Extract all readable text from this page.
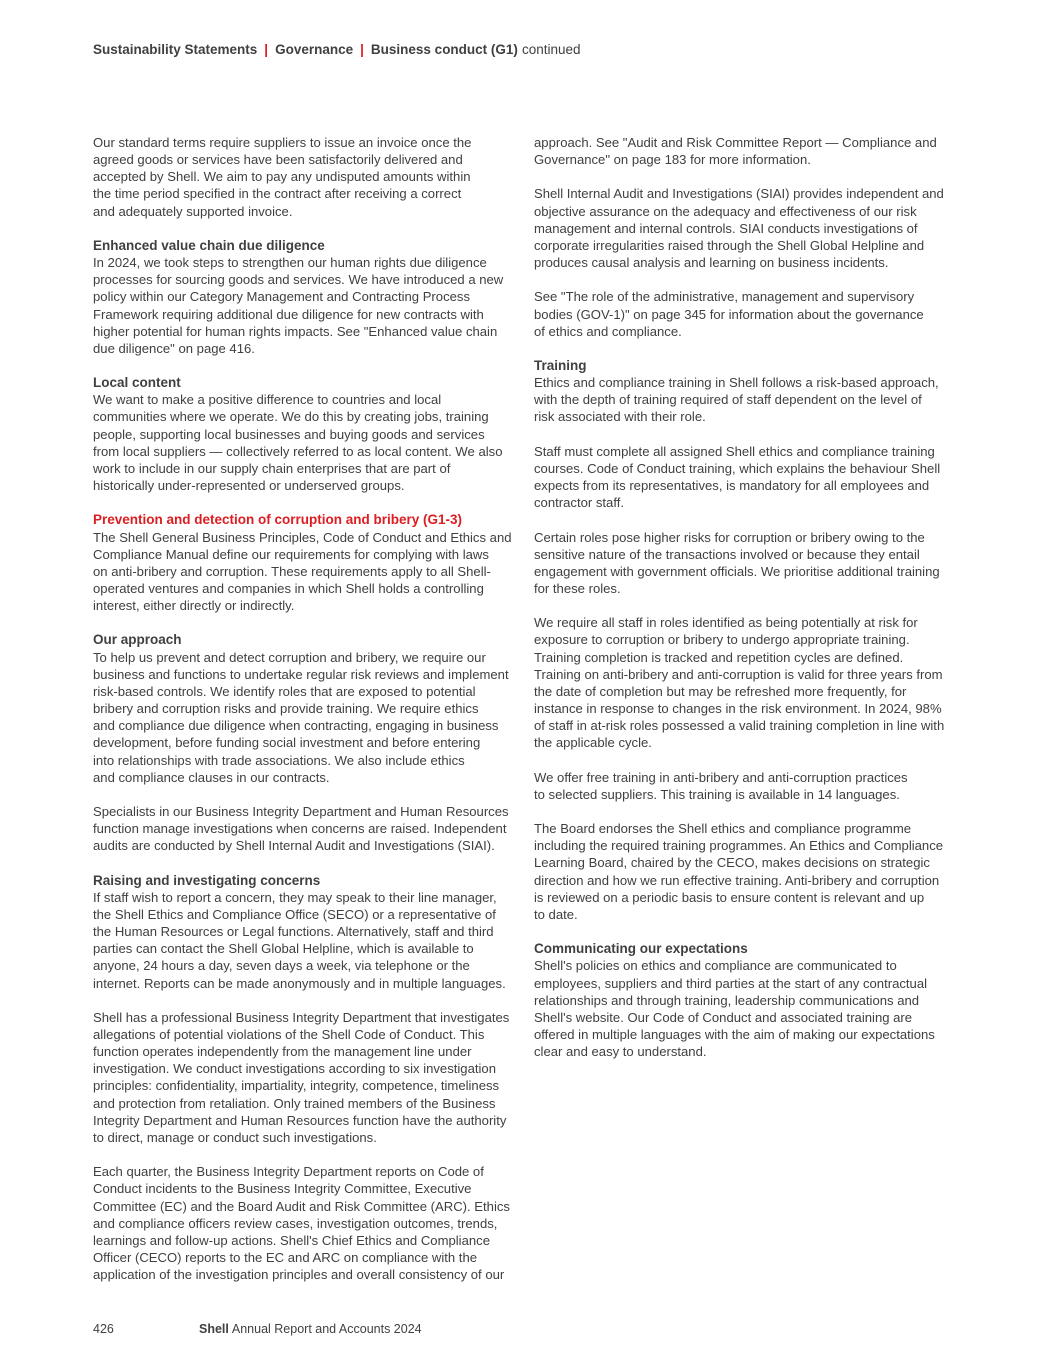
Sustainability Statements | Governance | Business conduct (G1) continued

Our standard terms require suppliers to issue an invoice once the
agreed goods or services have been satisfactorily delivered and
accepted by Shell. We aim to pay any undisputed amounts within
the time period specified in the contract after receiving a correct
and adequately supported invoice.

Enhanced value chain due diligence

In 2024, we took steps to strengthen our human rights due diligence
processes for sourcing goods and services. We have introduced a new
policy within our Category Management and Contracting Process
Framework requiring additional due diligence for new contracts with
higher potential for human rights impacts. See "Enhanced value chain
due diligence" on page 416.

Local content

We want to make a positive difference to countries and local
communities where we operate. We do this by creating jobs, training
people, supporting local businesses and buying goods and services
from local suppliers — collectively referred to as local content. We also
work to include in our supply chain enterprises that are part of
historically under-represented or underserved groups.

Prevention and detection of corruption and bribery (G1-3)

The Shell General Business Principles, Code of Conduct and Ethics and
Compliance Manual define our requirements for complying with laws
on anti-bribery and corruption. These requirements apply to all Shell-
operated ventures and companies in which Shell holds a controlling
interest, either directly or indirectly.

Our approach

To help us prevent and detect corruption and bribery, we require our
business and functions to undertake regular risk reviews and implement
risk-based controls. We identify roles that are exposed to potential
bribery and corruption risks and provide training. We require ethics
and compliance due diligence when contracting, engaging in business
development, before funding social investment and before entering
into relationships with trade associations. We also include ethics
and compliance clauses in our contracts.

Specialists in our Business Integrity Department and Human Resources
function manage investigations when concerns are raised. Independent
audits are conducted by Shell Internal Audit and Investigations (SIAI).

Raising and investigating concerns

If staff wish to report a concern, they may speak to their line manager,
the Shell Ethics and Compliance Office (SECO) or a representative of
the Human Resources or Legal functions. Alternatively, staff and third
parties can contact the Shell Global Helpline, which is available to
anyone, 24 hours a day, seven days a week, via telephone or the
internet. Reports can be made anonymously and in multiple languages.

Shell has a professional Business Integrity Department that investigates
allegations of potential violations of the Shell Code of Conduct. This
function operates independently from the management line under
investigation. We conduct investigations according to six investigation
principles: confidentiality, impartiality, integrity, competence, timeliness
and protection from retaliation. Only trained members of the Business
Integrity Department and Human Resources function have the authority
to direct, manage or conduct such investigations.

Each quarter, the Business Integrity Department reports on Code of
Conduct incidents to the Business Integrity Committee, Executive
Committee (EC) and the Board Audit and Risk Committee (ARC). Ethics
and compliance officers review cases, investigation outcomes, trends,
learnings and follow-up actions. Shell's Chief Ethics and Compliance
Officer (CECO) reports to the EC and ARC on compliance with the
application of the investigation principles and overall consistency of our

approach. See "Audit and Risk Committee Report — Compliance and
Governance" on page 183 for more information.

Shell Internal Audit and Investigations (SIAI) provides independent and
objective assurance on the adequacy and effectiveness of our risk
management and internal controls. SIAI conducts investigations of
corporate irregularities raised through the Shell Global Helpline and
produces causal analysis and learning on business incidents.

See "The role of the administrative, management and supervisory
bodies (GOV-1)" on page 345 for information about the governance
of ethics and compliance.

Training

Ethics and compliance training in Shell follows a risk-based approach,
with the depth of training required of staff dependent on the level of
risk associated with their role.

Staff must complete all assigned Shell ethics and compliance training
courses. Code of Conduct training, which explains the behaviour Shell
expects from its representatives, is mandatory for all employees and
contractor staff.

Certain roles pose higher risks for corruption or bribery owing to the
sensitive nature of the transactions involved or because they entail
engagement with government officials. We prioritise additional training
for these roles.

We require all staff in roles identified as being potentially at risk for
exposure to corruption or bribery to undergo appropriate training.
Training completion is tracked and repetition cycles are defined.
Training on anti-bribery and anti-corruption is valid for three years from
the date of completion but may be refreshed more frequently, for
instance in response to changes in the risk environment. In 2024, 98%
of staff in at-risk roles possessed a valid training completion in line with
the applicable cycle.

We offer free training in anti-bribery and anti-corruption practices
to selected suppliers. This training is available in 14 languages.

The Board endorses the Shell ethics and compliance programme
including the required training programmes. An Ethics and Compliance
Learning Board, chaired by the CECO, makes decisions on strategic
direction and how we run effective training. Anti-bribery and corruption
is reviewed on a periodic basis to ensure content is relevant and up
to date.

Communicating our expectations

Shell's policies on ethics and compliance are communicated to
employees, suppliers and third parties at the start of any contractual
relationships and through training, leadership communications and
Shell's website. Our Code of Conduct and associated training are
offered in multiple languages with the aim of making our expectations
clear and easy to understand.

426	Shell Annual Report and Accounts 2024
